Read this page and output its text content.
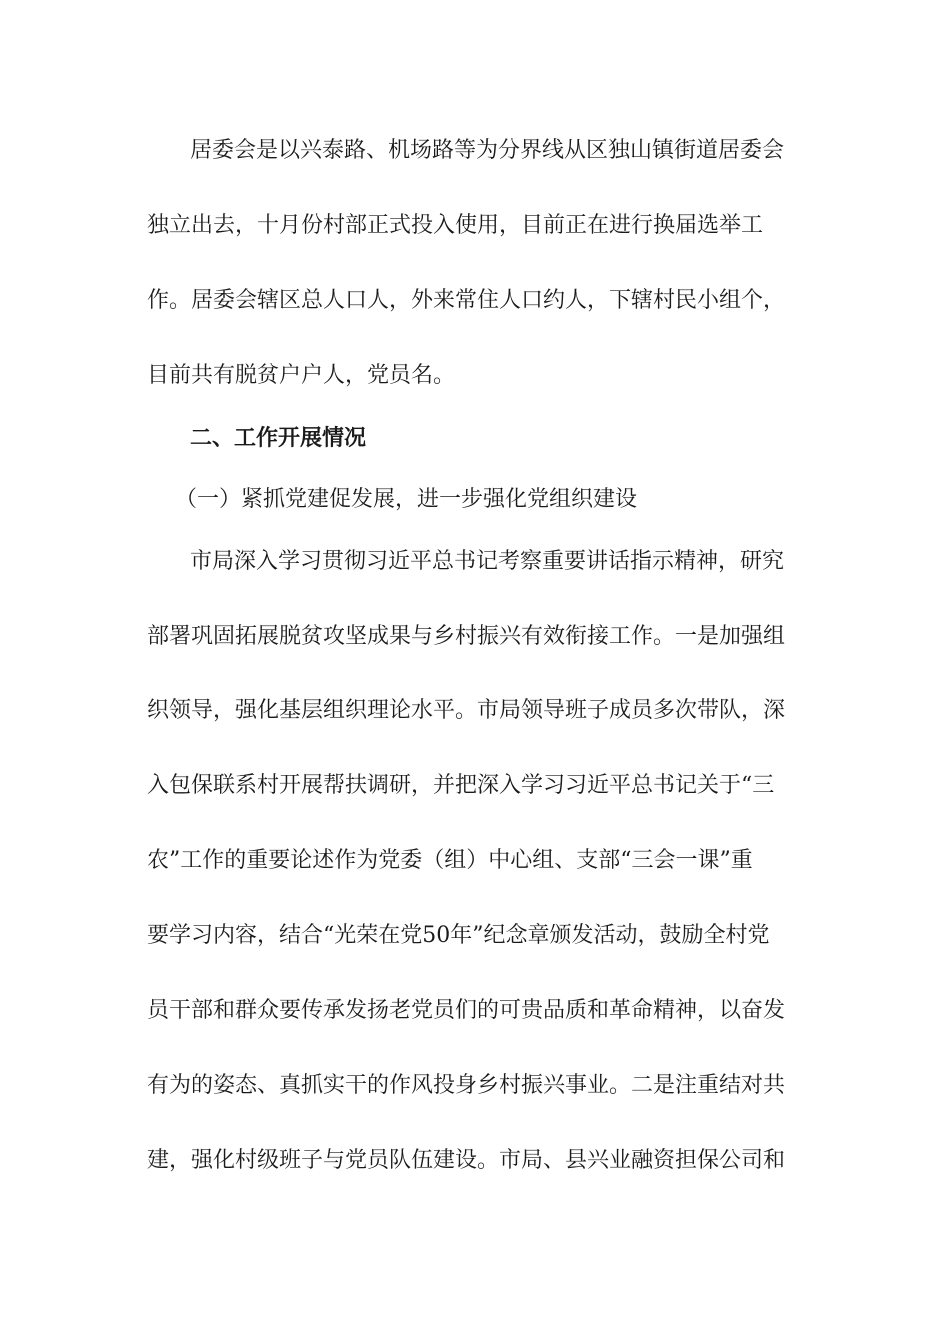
居委会是以兴泰路、机场路等为分界线从区独山镇街道居委会
独立出去，十月份村部正式投入使用，目前正在进行换届选举工
作。居委会辖区总人口人，外来常住人口约人，下辖村民小组个，
目前共有脱贫户户人，党员名。
二、工作开展情况
（一）紧抓党建促发展，进一步强化党组织建设
市局深入学习贯彻习近平总书记考察重要讲话指示精神，研究
部署巩固拓展脱贫攻坚成果与乡村振兴有效衔接工作。一是加强组
织领导，强化基层组织理论水平。市局领导班子成员多次带队，深
入包保联系村开展帮扶调研，并把深入学习习近平总书记关于“三
农”工作的重要论述作为党委（组）中心组、支部“三会一课”重
要学习内容，结合“光荣在党50年”纪念章颁发活动，鼓励全村党
员干部和群众要传承发扬老党员们的可贵品质和革命精神，以奋发
有为的姿态、真抓实干的作风投身乡村振兴事业。二是注重结对共
建，强化村级班子与党员队伍建设。市局、县兴业融资担保公司和
